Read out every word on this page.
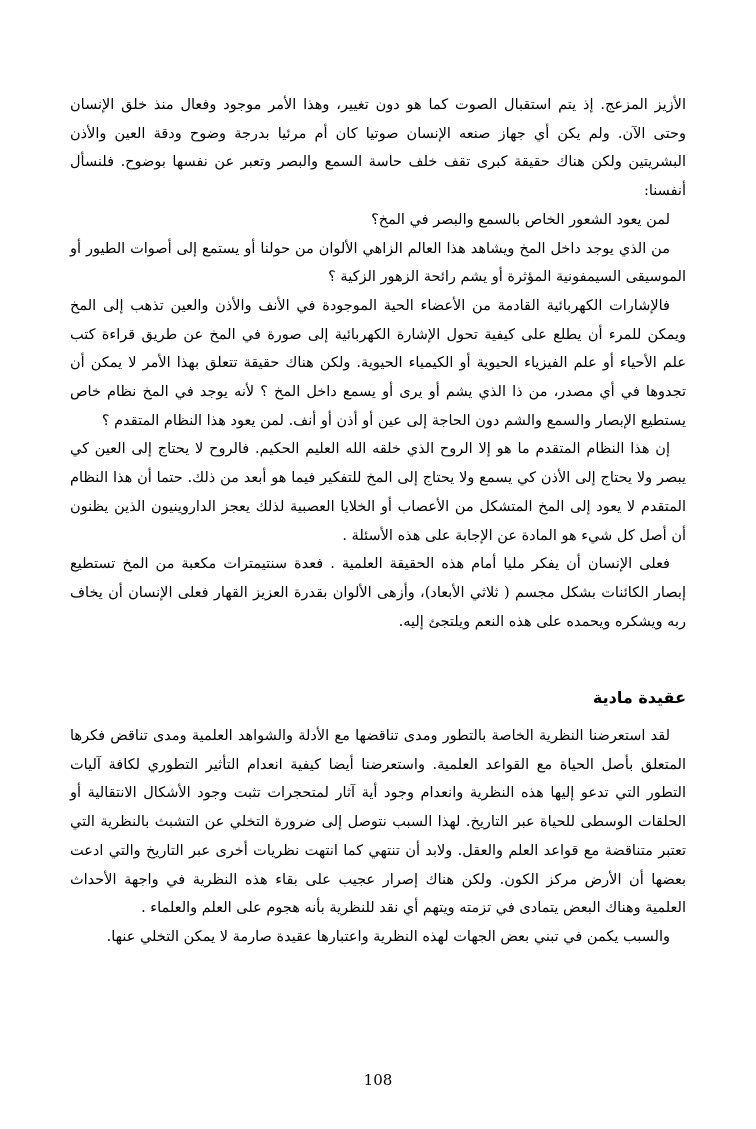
الأزيز المزعج. إذ يتم استقبال الصوت كما هو دون تغيير، وهذا الأمر موجود وفعال منذ خلق الإنسان وحتى الآن. ولم يكن أي جهاز صنعه الإنسان صوتيا كان أم مرئيا بدرجة وضوح ودقة العين والأذن البشريتين ولكن هناك حقيقة كبرى تقف خلف حاسة السمع والبصر وتعبر عن نفسها بوضوح. فلنسأل أنفسنا:

لمن يعود الشعور الخاص بالسمع والبصر في المخ؟

من الذي يوجد داخل المخ ويشاهد هذا العالم الزاهي الألوان من حولنا أو يستمع إلى أصوات الطيور أو الموسيقى السيمفونية المؤثرة أو يشم رائحة الزهور الزكية ؟

فالإشارات الكهربائية القادمة من الأعضاء الحية الموجودة في الأنف والأذن والعين تذهب إلى المخ ويمكن للمرء أن يطلع على كيفية تحول الإشارة الكهربائية إلى صورة في المخ عن طريق قراءة كتب علم الأحياء أو علم الفيزياء الحيوية أو الكيمياء الحيوية. ولكن هناك حقيقة تتعلق بهذا الأمر لا يمكن أن تجدوها في أي مصدر، من ذا الذي يشم أو يرى أو يسمع داخل المخ ؟ لأنه يوجد في المخ نظام خاص يستطيع الإبصار والسمع والشم دون الحاجة إلى عين أو أذن أو أنف. لمن يعود هذا النظام المتقدم ؟

إن هذا النظام المتقدم ما هو إلا الروح الذي خلقه الله العليم الحكيم. فالروح لا يحتاج إلى العين كي يبصر ولا يحتاج إلى الأذن كي يسمع ولا يحتاج إلى المخ للتفكير فيما هو أبعد من ذلك. حتما أن هذا النظام المتقدم لا يعود إلى المخ المتشكل من الأعصاب أو الخلايا العصبية لذلك يعجز الداروينيون الذين يظنون أن أصل كل شيء هو المادة عن الإجابة على هذه الأسئلة .

فعلى الإنسان أن يفكر مليا أمام هذه الحقيقة العلمية . فعدة سنتيمترات مكعبة من المخ تستطيع إبصار الكائنات بشكل مجسم ( ثلاثي الأبعاد)، وأزهى الألوان بقدرة العزيز القهار فعلى الإنسان أن يخاف ربه ويشكره ويحمده على هذه النعم ويلتجئ إليه.

عقيدة مادية

لقد استعرضنا النظرية الخاصة بالتطور ومدى تناقضها مع الأدلة والشواهد العلمية ومدى تناقض فكرها المتعلق بأصل الحياة مع القواعد العلمية. واستعرضنا أيضا كيفية انعدام التأثير التطوري لكافة آليات التطور التي تدعو إليها هذه النظرية وانعدام وجود أية آثار لمتحجرات تثبت وجود الأشكال الانتقالية أو الحلقات الوسطى للحياة عبر التاريخ. لهذا السبب نتوصل إلى ضرورة التخلي عن التشبث بالنظرية التي تعتبر متناقضة مع قواعد العلم والعقل. ولابد أن تنتهي كما انتهت نظريات أخرى عبر التاريخ والتي ادعت بعضها أن الأرض مركز الكون. ولكن هناك إصرار عجيب على بقاء هذه النظرية في واجهة الأحداث العلمية وهناك البعض يتمادى في تزمته ويتهم أي نقد للنظرية بأنه هجوم على العلم والعلماء .

والسبب يكمن في تبني بعض الجهات لهذه النظرية واعتبارها عقيدة صارمة لا يمكن التخلي عنها.

108
